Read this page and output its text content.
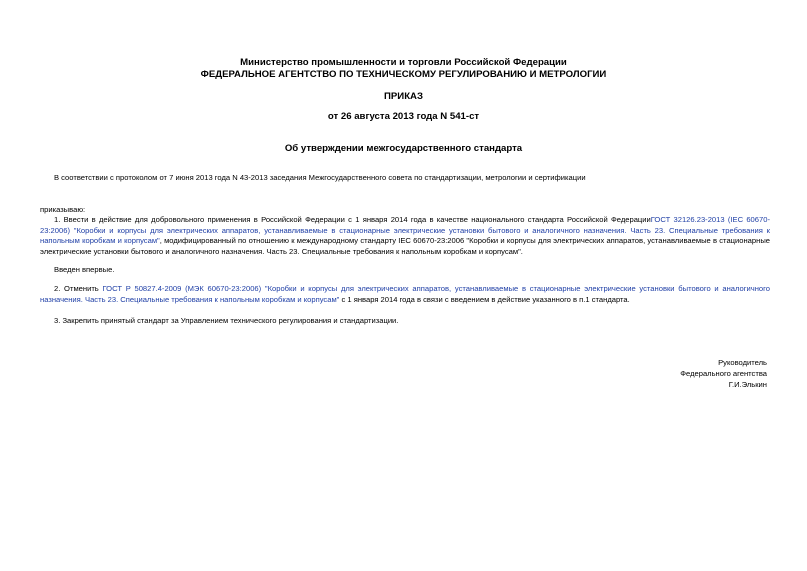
Министерство промышленности и торговли Российской Федерации
ФЕДЕРАЛЬНОЕ АГЕНТСТВО ПО ТЕХНИЧЕСКОМУ РЕГУЛИРОВАНИЮ И МЕТРОЛОГИИ
ПРИКАЗ
от 26 августа 2013 года N 541-ст
Об утверждении межгосударственного стандарта
В соответствии с протоколом от 7 июня 2013 года N 43-2013 заседания Межгосударственного совета по стандартизации, метрологии и сертификации
приказываю:
1. Ввести в действие для добровольного применения в Российской Федерации с 1 января 2014 года в качестве национального стандарта Российской ФедерацииГОСТ 32126.23-2013 (IEC 60670-23:2006) "Коробки и корпусы для электрических аппаратов, устанавливаемые в стационарные электрические установки бытового и аналогичного назначения. Часть 23. Специальные требования к напольным коробкам и корпусам", модифицированный по отношению к международному стандарту IEC 60670-23:2006 "Коробки и корпусы для электрических аппаратов, устанавливаемые в стационарные электрические установки бытового и аналогичного назначения. Часть 23. Специальные требования к напольным коробкам и корпусам".
Введен впервые.
2. Отменить ГОСТ Р 50827.4-2009 (МЭК 60670-23:2006) "Коробки и корпусы для электрических аппаратов, устанавливаемые в стационарные электрические установки бытового и аналогичного назначения. Часть 23. Специальные требования к напольным коробкам и корпусам" с 1 января 2014 года в связи с введением в действие указанного в п.1 стандарта.
3. Закрепить принятый стандарт за Управлением технического регулирования и стандартизации.
Руководитель
Федерального агентства
Г.И.Элькин
